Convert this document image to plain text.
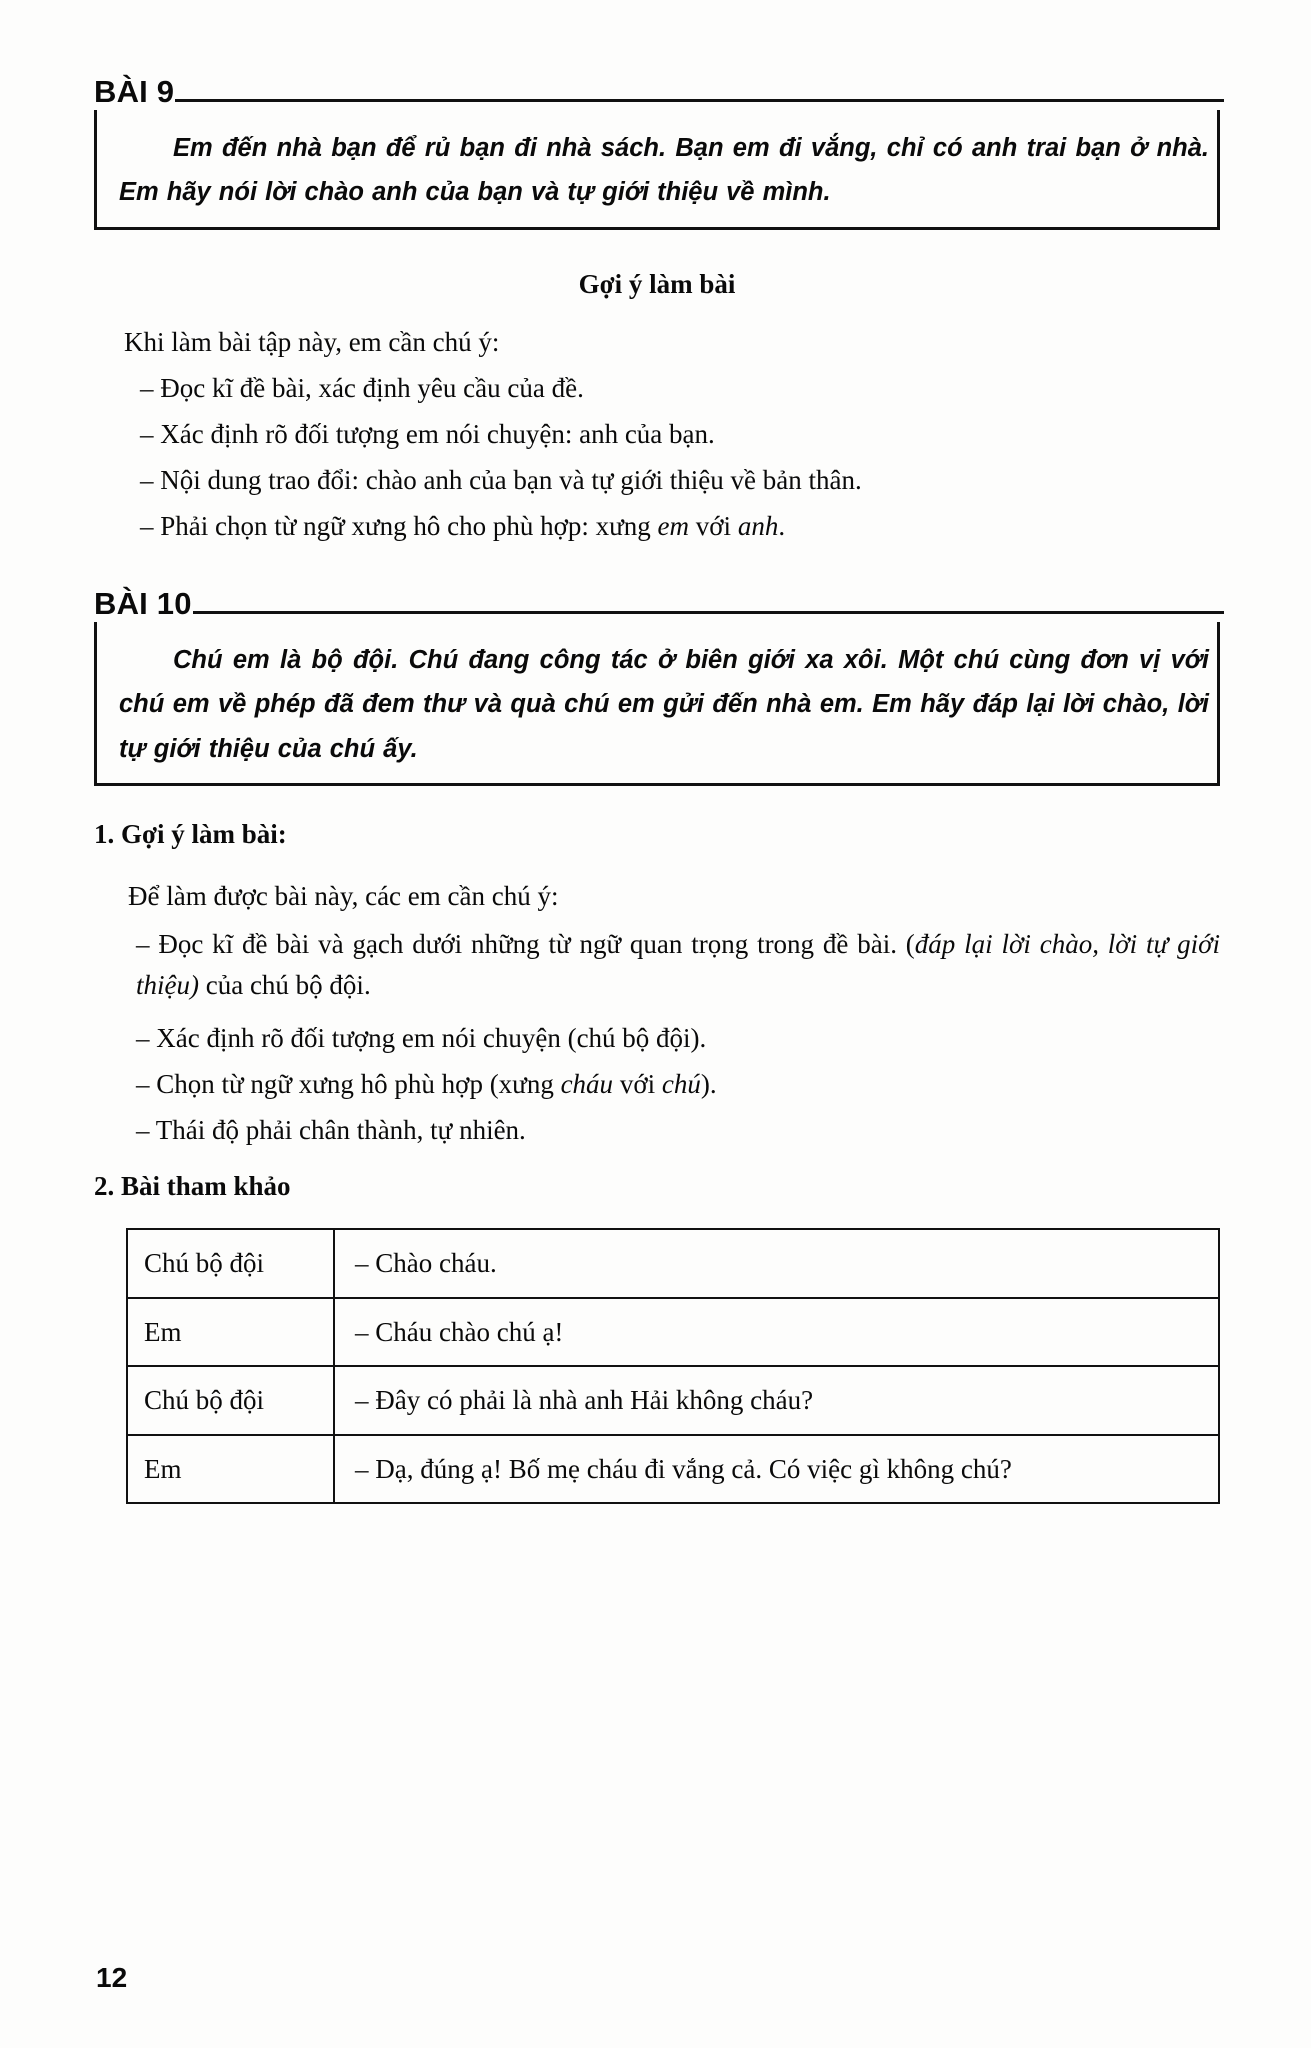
BÀI 9

Em đến nhà bạn để rủ bạn đi nhà sách. Bạn em đi vắng, chỉ có anh trai bạn ở nhà. Em hãy nói lời chào anh của bạn và tự giới thiệu về mình.

Gợi ý làm bài

Khi làm bài tập này, em cần chú ý:

– Đọc kĩ đề bài, xác định yêu cầu của đề.

– Xác định rõ đối tượng em nói chuyện: anh của bạn.

– Nội dung trao đổi: chào anh của bạn và tự giới thiệu về bản thân.

– Phải chọn từ ngữ xưng hô cho phù hợp: xưng em với anh.

BÀI 10

Chú em là bộ đội. Chú đang công tác ở biên giới xa xôi. Một chú cùng đơn vị với chú em về phép đã đem thư và quà chú em gửi đến nhà em. Em hãy đáp lại lời chào, lời tự giới thiệu của chú ấy.

1. Gợi ý làm bài:

Để làm được bài này, các em cần chú ý:

– Đọc kĩ đề bài và gạch dưới những từ ngữ quan trọng trong đề bài. (đáp lại lời chào, lời tự giới thiệu) của chú bộ đội.

– Xác định rõ đối tượng em nói chuyện (chú bộ đội).

– Chọn từ ngữ xưng hô phù hợp (xưng cháu với chú).

– Thái độ phải chân thành, tự nhiên.

2. Bài tham khảo
Chú bộ đội	– Chào cháu.
Em	– Cháu chào chú ạ!
Chú bộ đội	– Đây có phải là nhà anh Hải không cháu?
Em	– Dạ, đúng ạ! Bố mẹ cháu đi vắng cả. Có việc gì không chú?
12
